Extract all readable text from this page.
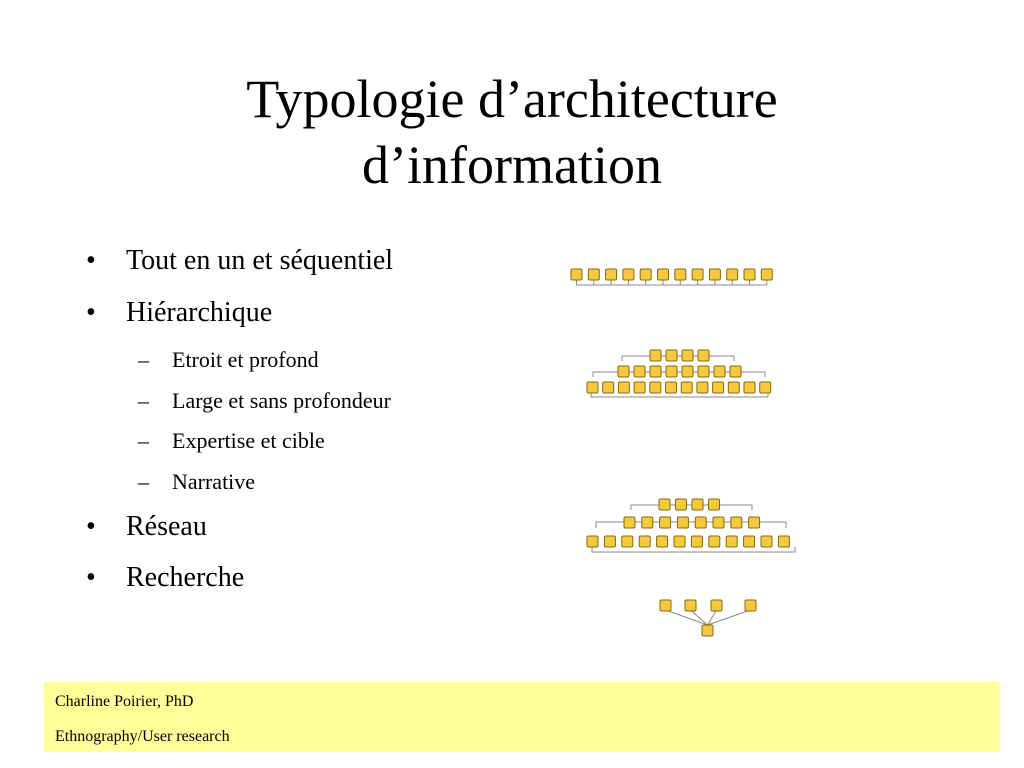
Typologie d’architecture
d’information
• Tout en un et séquentiel
• Hiérarchique
– Etroit et profond
– Large et sans profondeur
– Expertise et cible
– Narrative
• Réseau
• Recherche
Charline Poirier, PhD
Ethnography/User research
